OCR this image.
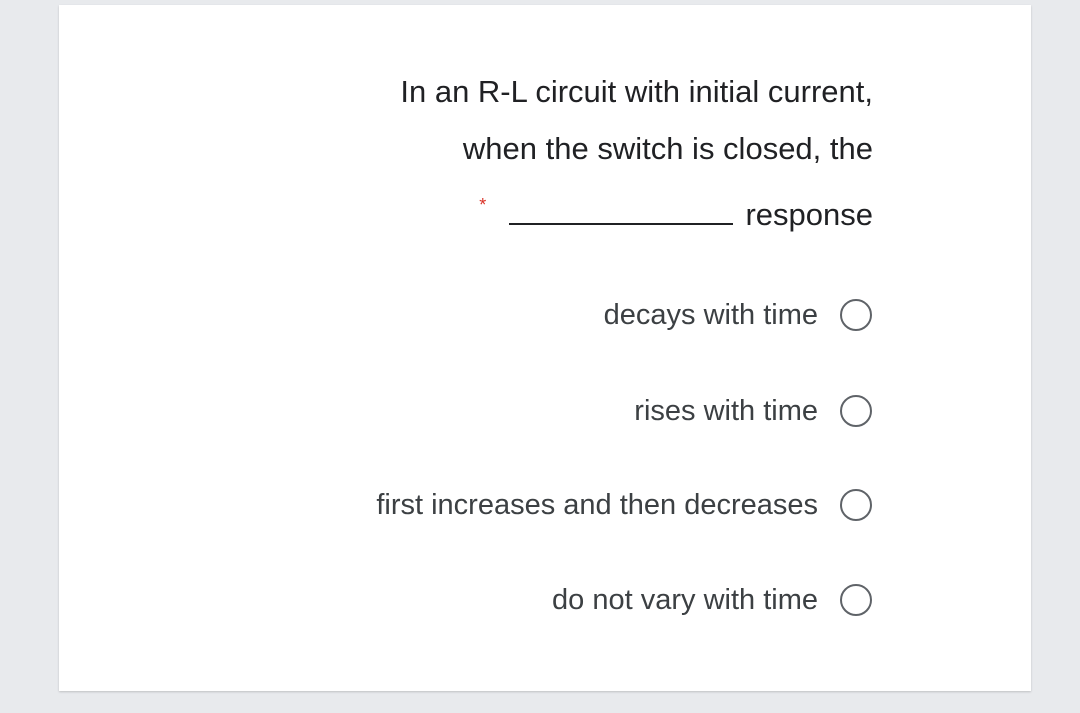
In an R-L circuit with initial current,
when the switch is closed, the
*	response
decays with time
rises with time
first increases and then decreases
do not vary with time
